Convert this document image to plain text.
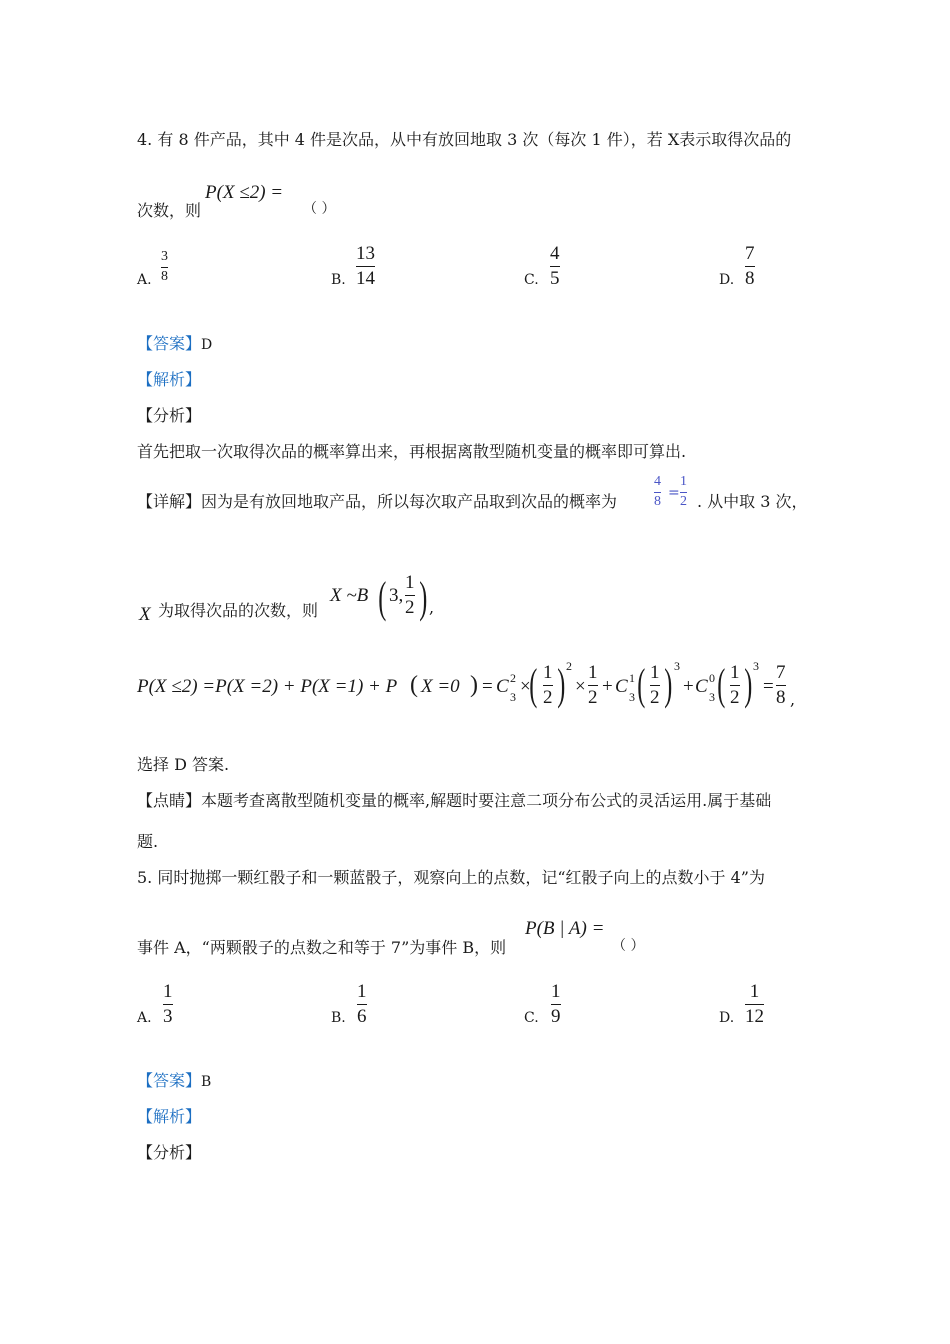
4. 有 8 件产品，其中 4 件是次品，从中有放回地取 3 次（每次 1 件），若 X表示取得次品的
次数，则
P(X ≤2) =
（ ）
A.
3
8	B.
13
14	C.
4
5	D.
7
8
【答案】D
【解析】
【分析】
首先把取一次取得次品的概率算出来，再根据离散型随机变量的概率即可算出.
【详解】因为是有放回地取产品，所以每次取产品取到次品的概率为
4
8
=
1
2 . 从中取 3 次，
X 为取得次品的次数，则
X ~B ( 3,
1
2 ) ,
P(X ≤2) =P(X =2) + P(X =1) + P ( X =0 ) = C 2
3 ×
( 1
2 ) 2
×
1
2
+ C 1
3 ( 1
2 ) 3
+ C 0
3 ( 1
2 ) 3
=
7
8 ,
选择 D 答案.
【点睛】本题考查离散型随机变量的概率,解题时要注意二项分布公式的灵活运用.属于基础
题.
5. 同时抛掷一颗红骰子和一颗蓝骰子，观察向上的点数，记“红骰子向上的点数小于 4”为
事件 A，“两颗骰子的点数之和等于 7”为事件 B，则
P(B | A) =
（ ）
A.
1
3	B.
1
6	C.
1
9	D.
1
12
【答案】B
【解析】
【分析】
